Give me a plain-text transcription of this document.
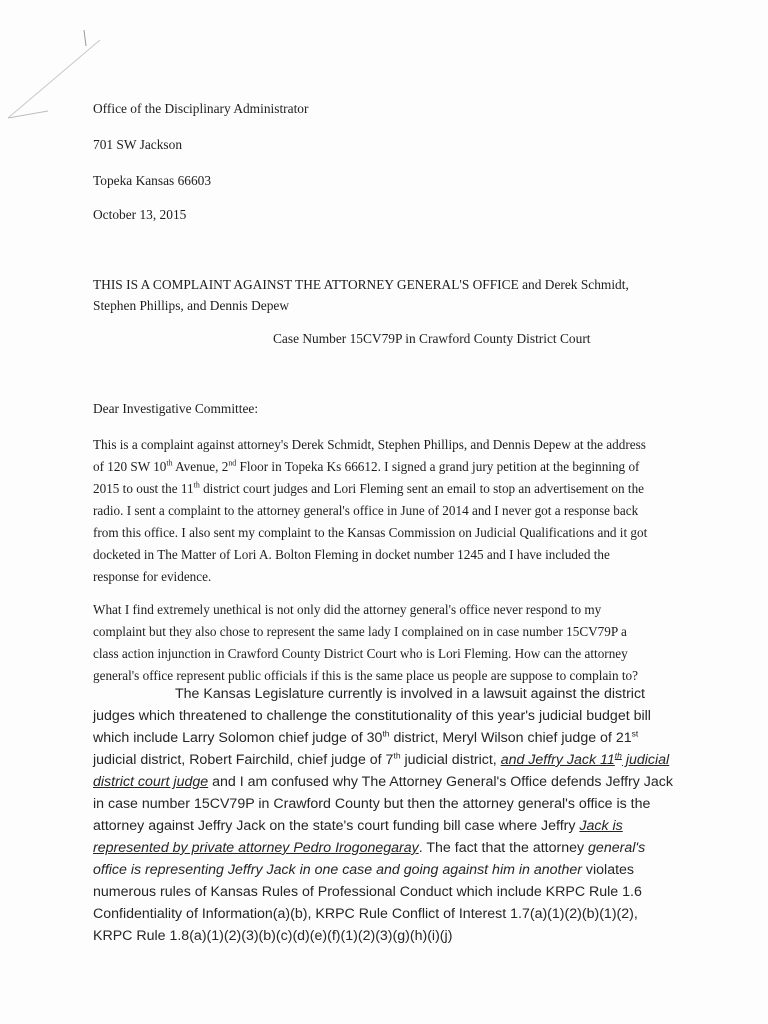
Office of the Disciplinary Administrator
701 SW Jackson
Topeka Kansas 66603
October 13, 2015
THIS IS A COMPLAINT AGAINST THE ATTORNEY GENERAL'S OFFICE and Derek Schmidt,
Stephen Phillips, and Dennis Depew
Case Number 15CV79P in Crawford County District Court
Dear Investigative Committee:
This is a complaint against attorney's Derek Schmidt, Stephen Phillips, and Dennis Depew at the address of 120 SW 10th Avenue, 2nd Floor in Topeka Ks 66612. I signed a grand jury petition at the beginning of 2015 to oust the 11th district court judges and Lori Fleming sent an email to stop an advertisement on the radio. I sent a complaint to the attorney general's office in June of 2014 and I never got a response back from this office. I also sent my complaint to the Kansas Commission on Judicial Qualifications and it got docketed in The Matter of Lori A. Bolton Fleming in docket number 1245 and I have included the response for evidence.
What I find extremely unethical is not only did the attorney general's office never respond to my complaint but they also chose to represent the same lady I complained on in case number 15CV79P a class action injunction in Crawford County District Court who is Lori Fleming. How can the attorney general's office represent public officials if this is the same place us people are suppose to complain to?
The Kansas Legislature currently is involved in a lawsuit against the district judges which threatened to challenge the constitutionality of this year's judicial budget bill which include Larry Solomon chief judge of 30th district, Meryl Wilson chief judge of 21st judicial district, Robert Fairchild, chief judge of 7th judicial district, and Jeffry Jack 11th judicial district court judge and I am confused why The Attorney General's Office defends Jeffry Jack in case number 15CV79P in Crawford County but then the attorney general's office is the attorney against Jeffry Jack on the state's court funding bill case where Jeffry Jack is represented by private attorney Pedro Irogonegaray. The fact that the attorney general's office is representing Jeffry Jack in one case and going against him in another violates numerous rules of Kansas Rules of Professional Conduct which include KRPC Rule 1.6 Confidentiality of Information(a)(b), KRPC Rule Conflict of Interest 1.7(a)(1)(2)(b)(1)(2), KRPC Rule 1.8(a)(1)(2)(3)(b)(c)(d)(e)(f)(1)(2)(3)(g)(h)(i)(j)
